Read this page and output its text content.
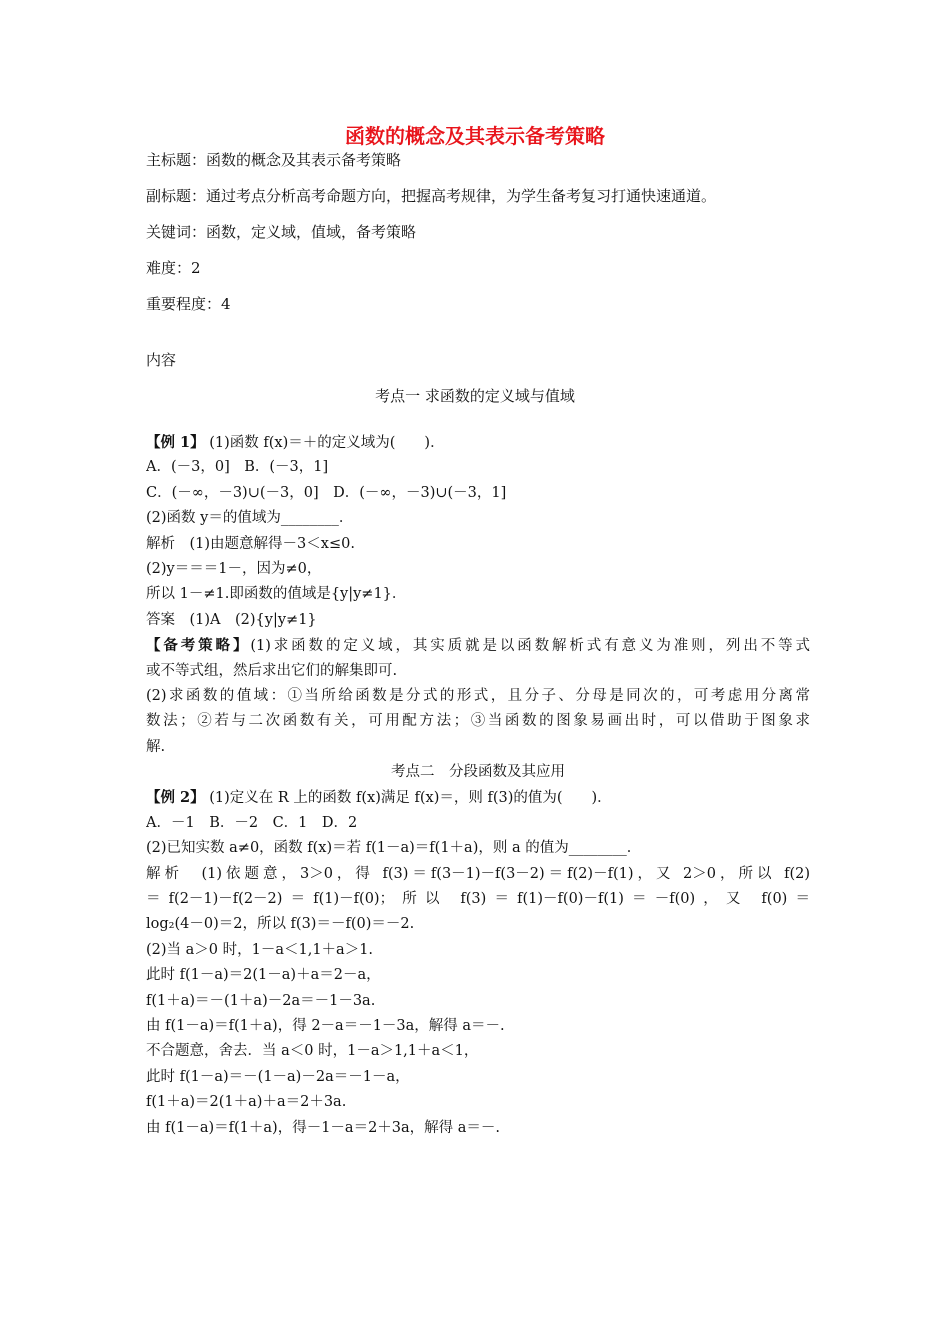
函数的概念及其表示备考策略
主标题：函数的概念及其表示备考策略
副标题：通过考点分析高考命题方向，把握高考规律，为学生备考复习打通快速通道。
关键词：函数，定义域，值域，备考策略
难度：2
重要程度：4
内容
考点一 求函数的定义域与值域
【例 1】 (1)函数 f(x)＝＋的定义域为(　　)．
A．(－3，0]　B．(－3，1]
C．(－∞，－3)∪(－3，0]　D．(－∞，－3)∪(－3，1]
(2)函数 y＝的值域为________．
解析　(1)由题意解得－3＜x≤0.
(2)y＝＝＝1－，因为≠0，
所以 1－≠1.即函数的值域是{y|y≠1}．
答案　(1)A　(2){y|y≠1}
【备考策略】(1)求函数的定义域，其实质就是以函数解析式有意义为准则，列出不等式
或不等式组，然后求出它们的解集即可.
(2)求函数的值域：①当所给函数是分式的形式，且分子、分母是同次的，可考虑用分离常
数法；②若与二次函数有关，可用配方法；③当函数的图象易画出时，可以借助于图象求
解.
考点二　分段函数及其应用
【例 2】 (1)定义在 R 上的函数 f(x)满足 f(x)＝，则 f(3)的值为(　　)．
A．－1　B．－2　C．1　D．2
(2)已知实数 a≠0，函数 f(x)＝若 f(1－a)＝f(1＋a)，则 a 的值为________．
解析　(1)依题意，3＞0，得 f(3)＝f(3－1)－f(3－2)＝f(2)－f(1)，又 2＞0，所以 f(2)
＝f(2－1)－f(2－2)＝f(1)－f(0)；所以 f(3)＝f(1)－f(0)－f(1)＝－f(0)，又 f(0)＝
log₂(4－0)＝2，所以 f(3)＝－f(0)＝－2.
(2)当 a＞0 时，1－a＜1,1＋a＞1.
此时 f(1－a)＝2(1－a)＋a＝2－a，
f(1＋a)＝－(1＋a)－2a＝－1－3a.
由 f(1－a)＝f(1＋a)，得 2－a＝－1－3a，解得 a＝－.
不合题意，舍去．当 a＜0 时，1－a＞1,1＋a＜1，
此时 f(1－a)＝－(1－a)－2a＝－1－a，
f(1＋a)＝2(1＋a)＋a＝2＋3a.
由 f(1－a)＝f(1＋a)，得－1－a＝2＋3a，解得 a＝－.
